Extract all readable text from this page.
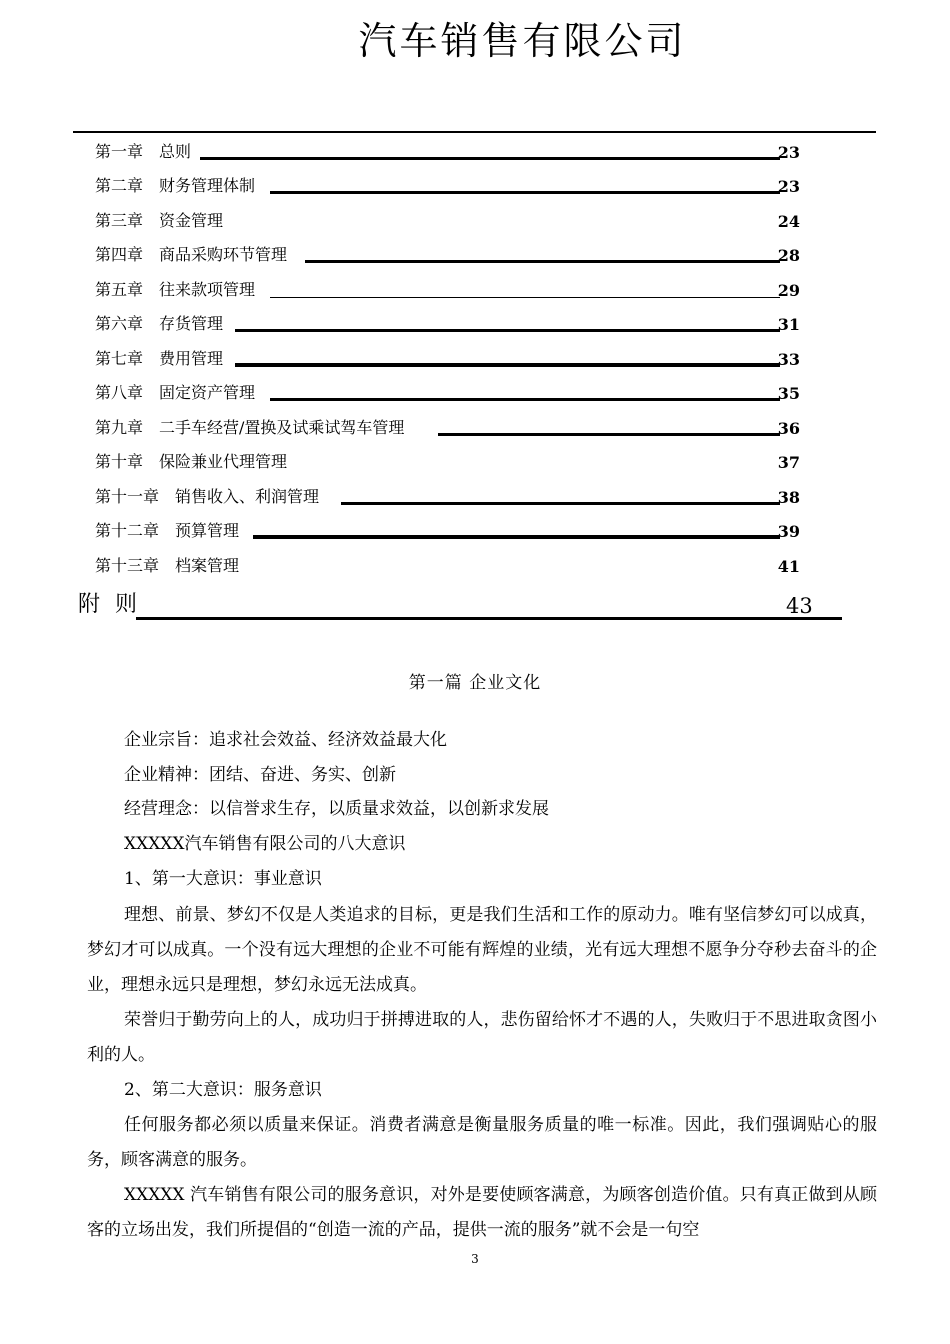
汽车销售有限公司
第一章　总则	23
第二章　财务管理体制	23
第三章　资金管理	24
第四章　商品采购环节管理	28
第五章　往来款项管理	29
第六章　存货管理	31
第七章　费用管理	33
第八章　固定资产管理	35
第九章　二手车经营/置换及试乘试驾车管理	36
第十章　保险兼业代理管理	37
第十一章　销售收入、利润管理	38
第十二章　预算管理	39
第十三章　档案管理	41
附 则	43
第一篇 企业文化

企业宗旨：追求社会效益、经济效益最大化

企业精神：团结、奋进、务实、创新

经营理念：以信誉求生存，以质量求效益，以创新求发展

XXXXX汽车销售有限公司的八大意识

1、第一大意识：事业意识

理想、前景、梦幻不仅是人类追求的目标，更是我们生活和工作的原动力。唯有坚信梦幻可以成真，梦幻才可以成真。一个没有远大理想的企业不可能有辉煌的业绩，光有远大理想不愿争分夺秒去奋斗的企业，理想永远只是理想，梦幻永远无法成真。

荣誉归于勤劳向上的人，成功归于拼搏进取的人，悲伤留给怀才不遇的人，失败归于不思进取贪图小利的人。

2、第二大意识：服务意识

任何服务都必须以质量来保证。消费者满意是衡量服务质量的唯一标准。因此，我们强调贴心的服务，顾客满意的服务。

XXXXX 汽车销售有限公司的服务意识，对外是要使顾客满意，为顾客创造价值。只有真正做到从顾客的立场出发，我们所提倡的“创造一流的产品，提供一流的服务”就不会是一句空

3
